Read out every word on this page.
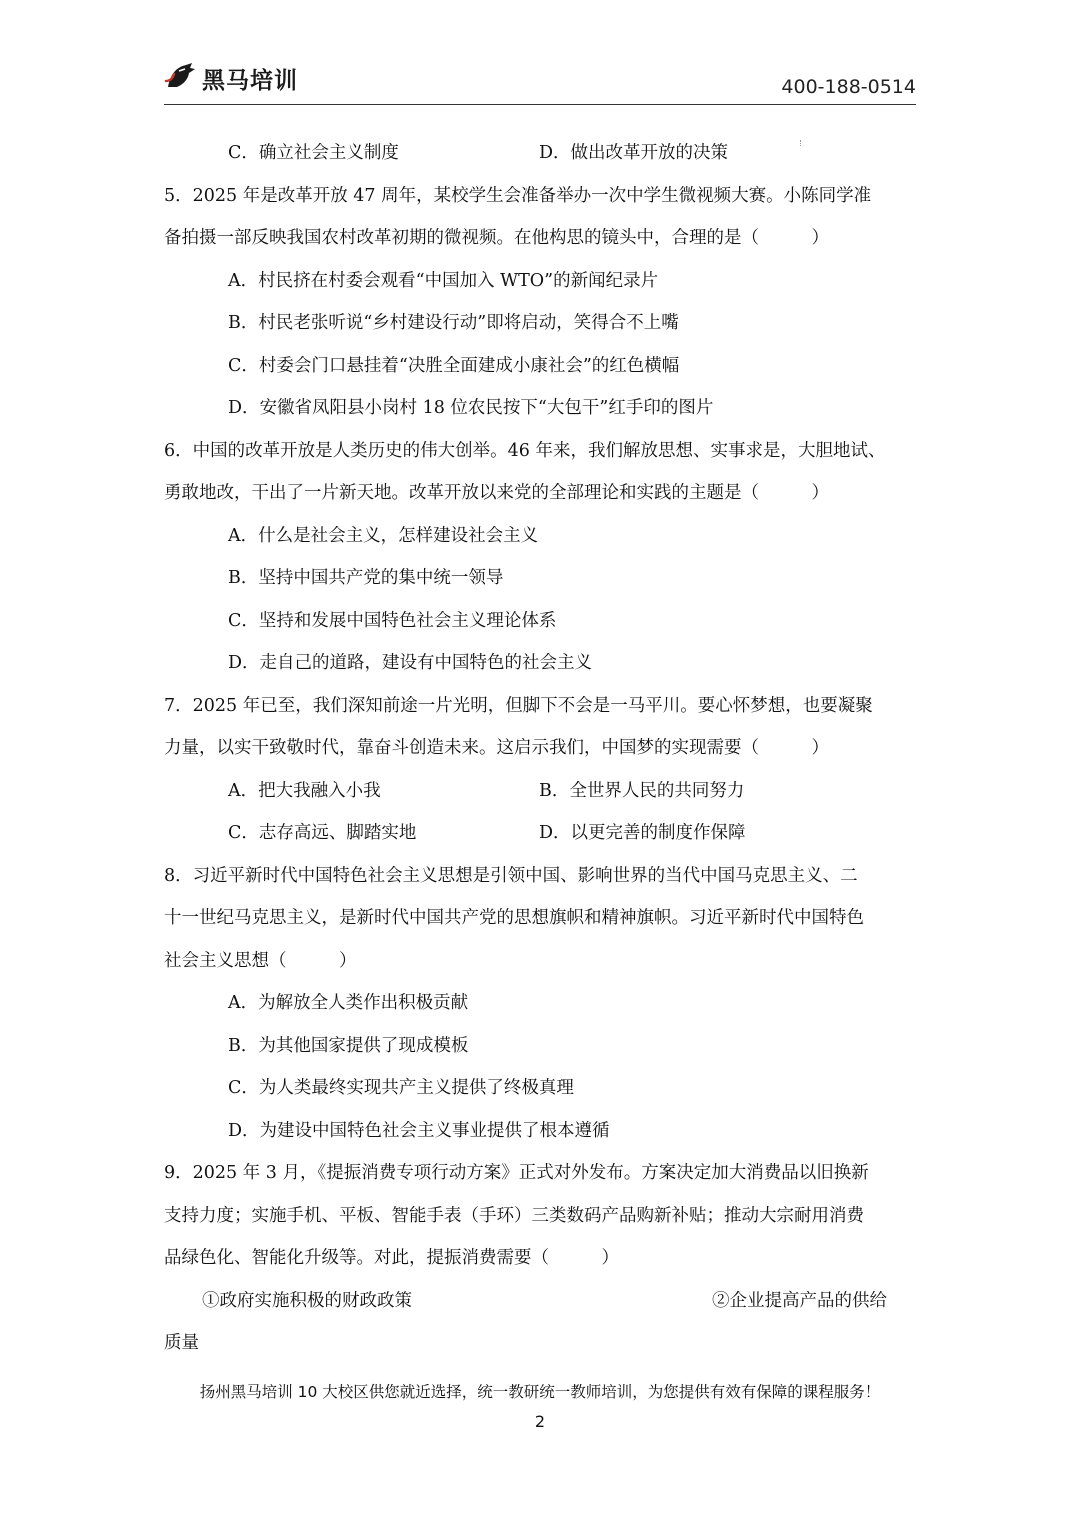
黑马培训	400-188-0514
C．确立社会主义制度	D．做出改革开放的决策
5．2025 年是改革开放 47 周年，某校学生会准备举办一次中学生微视频大赛。小陈同学准
备拍摄一部反映我国农村改革初期的微视频。在他构思的镜头中，合理的是（　　　）
A．村民挤在村委会观看“中国加入 WTO”的新闻纪录片
B．村民老张听说“乡村建设行动”即将启动，笑得合不上嘴
C．村委会门口悬挂着“决胜全面建成小康社会”的红色横幅
D．安徽省凤阳县小岗村 18 位农民按下“大包干”红手印的图片
6．中国的改革开放是人类历史的伟大创举。46 年来，我们解放思想、实事求是，大胆地试、
勇敢地改，干出了一片新天地。改革开放以来党的全部理论和实践的主题是（　　　）
A．什么是社会主义，怎样建设社会主义
B．坚持中国共产党的集中统一领导
C．坚持和发展中国特色社会主义理论体系
D．走自己的道路，建设有中国特色的社会主义
7．2025 年已至，我们深知前途一片光明，但脚下不会是一马平川。要心怀梦想，也要凝聚
力量，以实干致敬时代，靠奋斗创造未来。这启示我们，中国梦的实现需要（　　　）
A．把大我融入小我	B．全世界人民的共同努力
C．志存高远、脚踏实地	D．以更完善的制度作保障
8．习近平新时代中国特色社会主义思想是引领中国、影响世界的当代中国马克思主义、二
十一世纪马克思主义，是新时代中国共产党的思想旗帜和精神旗帜。习近平新时代中国特色
社会主义思想（　　　）
A．为解放全人类作出积极贡献
B．为其他国家提供了现成模板
C．为人类最终实现共产主义提供了终极真理
D．为建设中国特色社会主义事业提供了根本遵循
9．2025 年 3 月，《提振消费专项行动方案》正式对外发布。方案决定加大消费品以旧换新
支持力度；实施手机、平板、智能手表（手环）三类数码产品购新补贴；推动大宗耐用消费
品绿色化、智能化升级等。对此，提振消费需要（　　　）
①政府实施积极的财政政策	②企业提高产品的供给
质量
扬州黑马培训 10 大校区供您就近选择，统一教研统一教师培训，为您提供有效有保障的课程服务！
2
